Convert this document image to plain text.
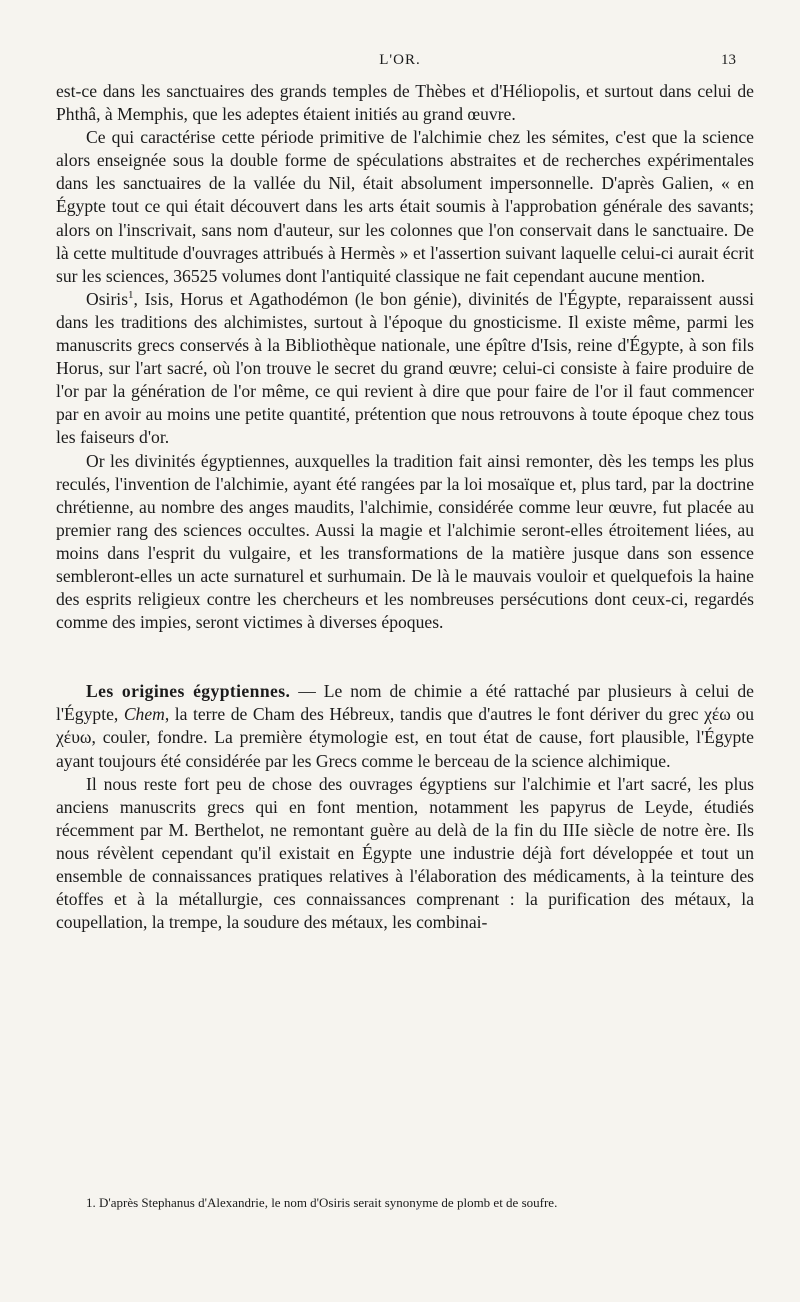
L'OR.	13

est-ce dans les sanctuaires des grands temples de Thèbes et d'Héliopolis, et surtout dans celui de Phthâ, à Memphis, que les adeptes étaient initiés au grand œuvre.

Ce qui caractérise cette période primitive de l'alchimie chez les sémites, c'est que la science alors enseignée sous la double forme de spéculations abstraites et de recherches expérimentales dans les sanctuaires de la vallée du Nil, était absolument impersonnelle. D'après Galien, « en Égypte tout ce qui était découvert dans les arts était soumis à l'approbation générale des savants; alors on l'inscrivait, sans nom d'auteur, sur les colonnes que l'on conservait dans le sanctuaire. De là cette multitude d'ouvrages attribués à Hermès » et l'assertion suivant laquelle celui-ci aurait écrit sur les sciences, 36525 volumes dont l'antiquité classique ne fait cependant aucune mention.

Osiris$^1$, Isis, Horus et Agathodémon (le bon génie), divinités de l'Égypte, reparaissent aussi dans les traditions des alchimistes, surtout à l'époque du gnosticisme. Il existe même, parmi les manuscrits grecs conservés à la Bibliothèque nationale, une épître d'Isis, reine d'Égypte, à son fils Horus, sur l'art sacré, où l'on trouve le secret du grand œuvre; celui-ci consiste à faire produire de l'or par la génération de l'or même, ce qui revient à dire que pour faire de l'or il faut commencer par en avoir au moins une petite quantité, prétention que nous retrouvons à toute époque chez tous les faiseurs d'or.

Or les divinités égyptiennes, auxquelles la tradition fait ainsi remonter, dès les temps les plus reculés, l'invention de l'alchimie, ayant été rangées par la loi mosaïque et, plus tard, par la doctrine chrétienne, au nombre des anges maudits, l'alchimie, considérée comme leur œuvre, fut placée au premier rang des sciences occultes. Aussi la magie et l'alchimie seront-elles étroitement liées, au moins dans l'esprit du vulgaire, et les transformations de la matière jusque dans son essence sembleront-elles un acte surnaturel et surhumain. De là le mauvais vouloir et quelquefois la haine des esprits religieux contre les chercheurs et les nombreuses persécutions dont ceux-ci, regardés comme des impies, seront victimes à diverses époques.

Les origines égyptiennes. — Le nom de chimie a été rattaché par plusieurs à celui de l'Égypte, Chem, la terre de Cham des Hébreux, tandis que d'autres le font dériver du grec χέω ou χέυω, couler, fondre. La première étymologie est, en tout état de cause, fort plausible, l'Égypte ayant toujours été considérée par les Grecs comme le berceau de la science alchimique.

Il nous reste fort peu de chose des ouvrages égyptiens sur l'alchimie et l'art sacré, les plus anciens manuscrits grecs qui en font mention, notamment les papyrus de Leyde, étudiés récemment par M. Berthelot, ne remontant guère au delà de la fin du IIIe siècle de notre ère. Ils nous révèlent cependant qu'il existait en Égypte une industrie déjà fort développée et tout un ensemble de connaissances pratiques relatives à l'élaboration des médicaments, à la teinture des étoffes et à la métallurgie, ces connaissances comprenant : la purification des métaux, la coupellation, la trempe, la soudure des métaux, les combinai-

1. D'après Stephanus d'Alexandrie, le nom d'Osiris serait synonyme de plomb et de soufre.
